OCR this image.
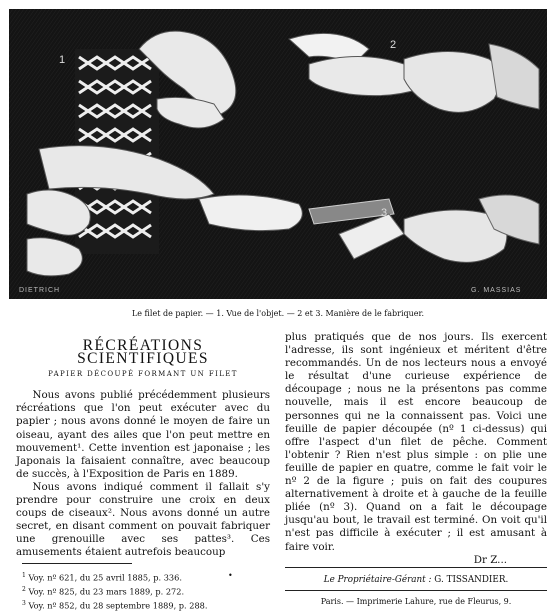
1
2
3
DIETRICH	G. MASSIAS
Le filet de papier. — 1. Vue de l'objet. — 2 et 3. Manière de le fabriquer.
RÉCRÉATIONS SCIENTIFIQUES
PAPIER DÉCOUPÉ FORMANT UN FILET

Nous avons publié précédemment plusieurs récréations que l'on peut exécuter avec du papier ; nous avons donné le moyen de faire un oiseau, ayant des ailes que l'on peut mettre en mouvement¹. Cette invention est japonaise ; les Japonais la faisaient connaître, avec beaucoup de succès, à l'Exposition de Paris en 1889.

Nous avons indiqué comment il fallait s'y prendre pour construire une croix en deux coups de ciseaux². Nous avons donné un autre secret, en disant comment on pouvait fabriquer une grenouille avec ses pattes³. Ces amusements étaient autrefois beaucoup

$^1$ Voy. nº 621, du 25 avril 1885, p. 336.
$^2$ Voy. nº 825, du 23 mars 1889, p. 272.
$^3$ Voy. nº 852, du 28 septembre 1889, p. 288.
•

plus pratiqués que de nos jours. Ils exercent l'adresse, ils sont ingénieux et méritent d'être recommandés. Un de nos lecteurs nous a envoyé le résultat d'une curieuse expérience de découpage ; nous ne la présentons pas comme nouvelle, mais il est encore beaucoup de personnes qui ne la connaissent pas. Voici une feuille de papier découpée (nº 1 ci-dessus) qui offre l'aspect d'un filet de pêche. Comment l'obtenir ? Rien n'est plus simple : on plie une feuille de papier en quatre, comme le fait voir le nº 2 de la figure ; puis on fait des coupures alternativement à droite et à gauche de la feuille pliée (nº 3). Quand on a fait le découpage jusqu'au bout, le travail est terminé. On voit qu'il n'est pas difficile à exécuter ; il est amusant à faire voir.

Dr Z...
Le Propriétaire-Gérant : G. TISSANDIER.
Paris. — Imprimerie Lahure, rue de Fleurus, 9.
